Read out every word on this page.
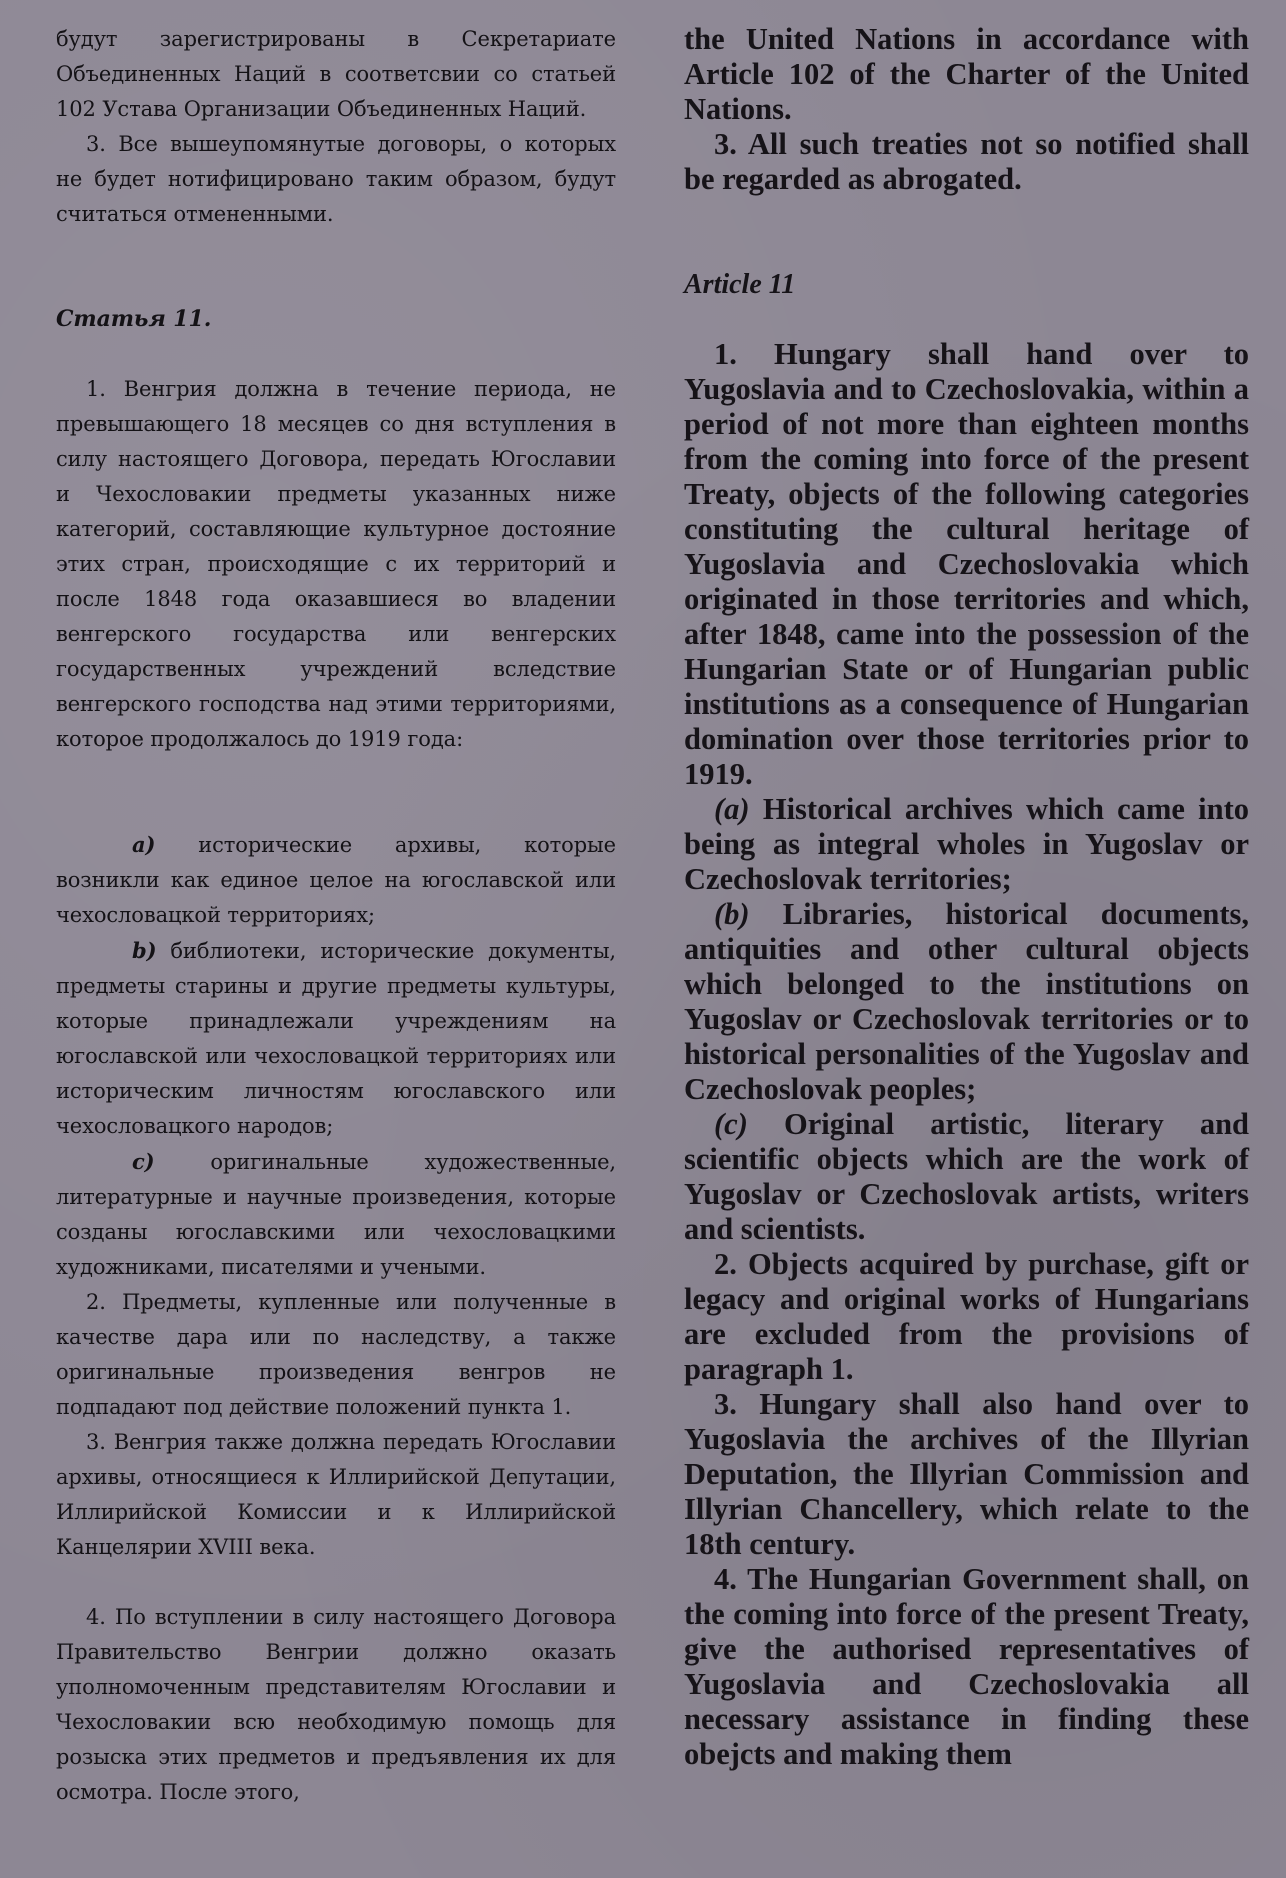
будут зарегистрированы в Секретариате Объединенных Наций в соответсвии со статьей 102 Устава Организации Объединенных Наций.

3. Все вышеупомянутые договоры, о которых не будет нотифицировано таким образом, будут считаться отмененными.

Статья 11.

1. Венгрия должна в течение периода, не превышающего 18 месяцев со дня вступления в силу настоящего Договора, передать Югославии и Чехословакии предметы указанных ниже категорий, составляющие культурное достояние этих стран, происходящие с их территорий и после 1848 года оказавшиеся во владении венгерского государства или венгерских государственных учреждений вследствие венгерского господства над этими территориями, которое продолжалось до 1919 года:

a) исторические архивы, которые возникли как единое целое на югославской или чехословацкой территориях;

b) библиотеки, исторические документы, предметы старины и другие предметы культуры, которые принадлежали учреждениям на югославской или чехословацкой территориях или историческим личностям югославского или чехословацкого народов;

c)	оригинальные художественные, литературные и научные произведения, которые созданы югославскими или чехословацкими художниками, писателями и учеными.

2. Предметы, купленные или полученные в качестве дара или по наследству, а также оригинальные произведения венгров не подпадают под действие положений пункта 1.

3. Венгрия также должна передать Югославии архивы, относящиеся к Иллирийской Депутации, Иллирийской Комиссии и к Иллирийской Канцелярии XVIII века.

4. По вступлении в силу настоящего Договора Правительство Венгрии должно оказать уполномоченным представителям Югославии и Чехословакии всю необходимую помощь для розыска этих предметов и предъявления их для осмотра. После этого,

the United Nations in accordance with Article 102 of the Charter of the United Nations.

3. All such treaties not so notified shall be regarded as abrogated.

Article 11

1. Hungary shall hand over to Yugoslavia and to Czechoslovakia, within a period of not more than eighteen months from the coming into force of the present Treaty, objects of the following categories constituting the cultural heritage of Yugoslavia and Czechoslovakia which originated in those territories and which, after 1848, came into the possession of the Hungarian State or of Hungarian public institutions as a consequence of Hungarian domination over those territories prior to 1919.

(a) Historical archives which came into being as integral wholes in Yugoslav or Czechoslovak territories;

(b) Libraries, historical documents, antiquities and other cultural objects which belonged to the institutions on Yugoslav or Czechoslovak territories or to historical personalities of the Yugoslav and Czechoslovak peoples;

(c) Original artistic, literary and scientific objects which are the work of Yugoslav or Czechoslovak artists, writers and scientists.

2. Objects acquired by purchase, gift or legacy and original works of Hungarians are excluded from the provisions of paragraph 1.

3. Hungary shall also hand over to Yugoslavia the archives of the Illyrian Deputation, the Illyrian Commission and Illyrian Chancellery, which relate to the 18th century.

4. The Hungarian Government shall, on the coming into force of the present Treaty, give the authorised representatives of Yugoslavia and Czechoslovakia all necessary assistance in finding these obejcts and making them
